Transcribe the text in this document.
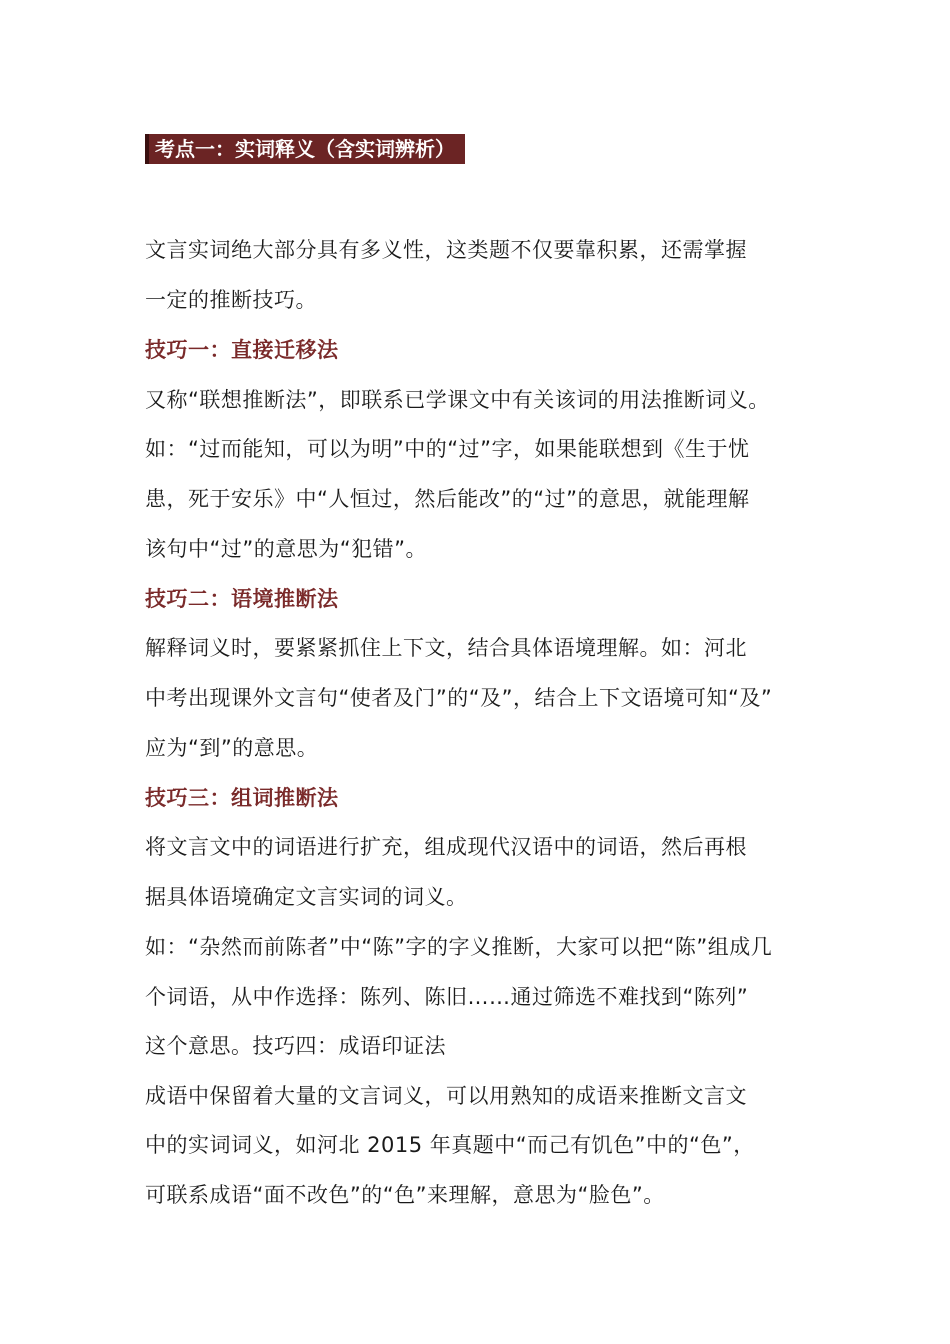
考点一：实词释义（含实词辨析）
文言实词绝大部分具有多义性，这类题不仅要靠积累，还需掌握
一定的推断技巧。
技巧一：直接迁移法
又称“联想推断法”，即联系已学课文中有关该词的用法推断词义。
如：“过而能知，可以为明”中的“过”字，如果能联想到《生于忧
患，死于安乐》中“人恒过，然后能改”的“过”的意思，就能理解
该句中“过”的意思为“犯错”。
技巧二：语境推断法
解释词义时，要紧紧抓住上下文，结合具体语境理解。如：河北
中考出现课外文言句“使者及门”的“及”，结合上下文语境可知“及”
应为“到”的意思。
技巧三：组词推断法
将文言文中的词语进行扩充，组成现代汉语中的词语，然后再根
据具体语境确定文言实词的词义。
如：“杂然而前陈者”中“陈”字的字义推断，大家可以把“陈”组成几
个词语，从中作选择：陈列、陈旧……通过筛选不难找到“陈列”
这个意思。技巧四：成语印证法
成语中保留着大量的文言词义，可以用熟知的成语来推断文言文
中的实词词义，如河北 2015 年真题中“而己有饥色”中的“色”，
可联系成语“面不改色”的“色”来理解，意思为“脸色”。
